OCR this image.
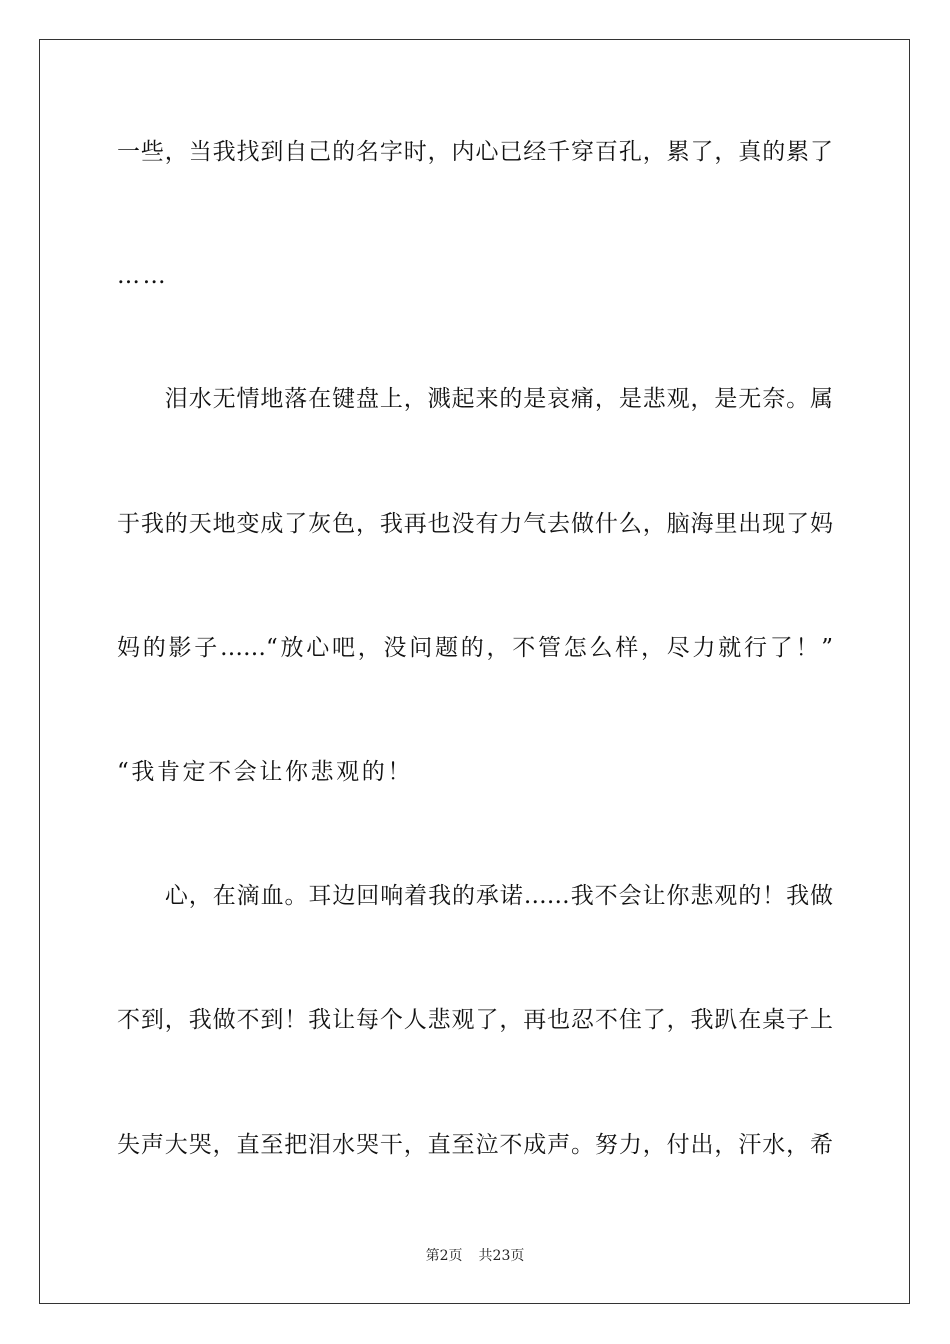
一些，当我找到自己的名字时，内心已经千穿百孔，累了，真的累了
……
　　泪水无情地落在键盘上，溅起来的是哀痛，是悲观，是无奈。属
于我的天地变成了灰色，我再也没有力气去做什么，脑海里出现了妈
妈的影子……“放心吧，没问题的，不管怎么样，尽力就行了！”
“我肯定不会让你悲观的！
　　心，在滴血。耳边回响着我的承诺……我不会让你悲观的！我做
不到，我做不到！我让每个人悲观了，再也忍不住了，我趴在桌子上
失声大哭，直至把泪水哭干，直至泣不成声。努力，付出，汗水，希
第2页 共23页
